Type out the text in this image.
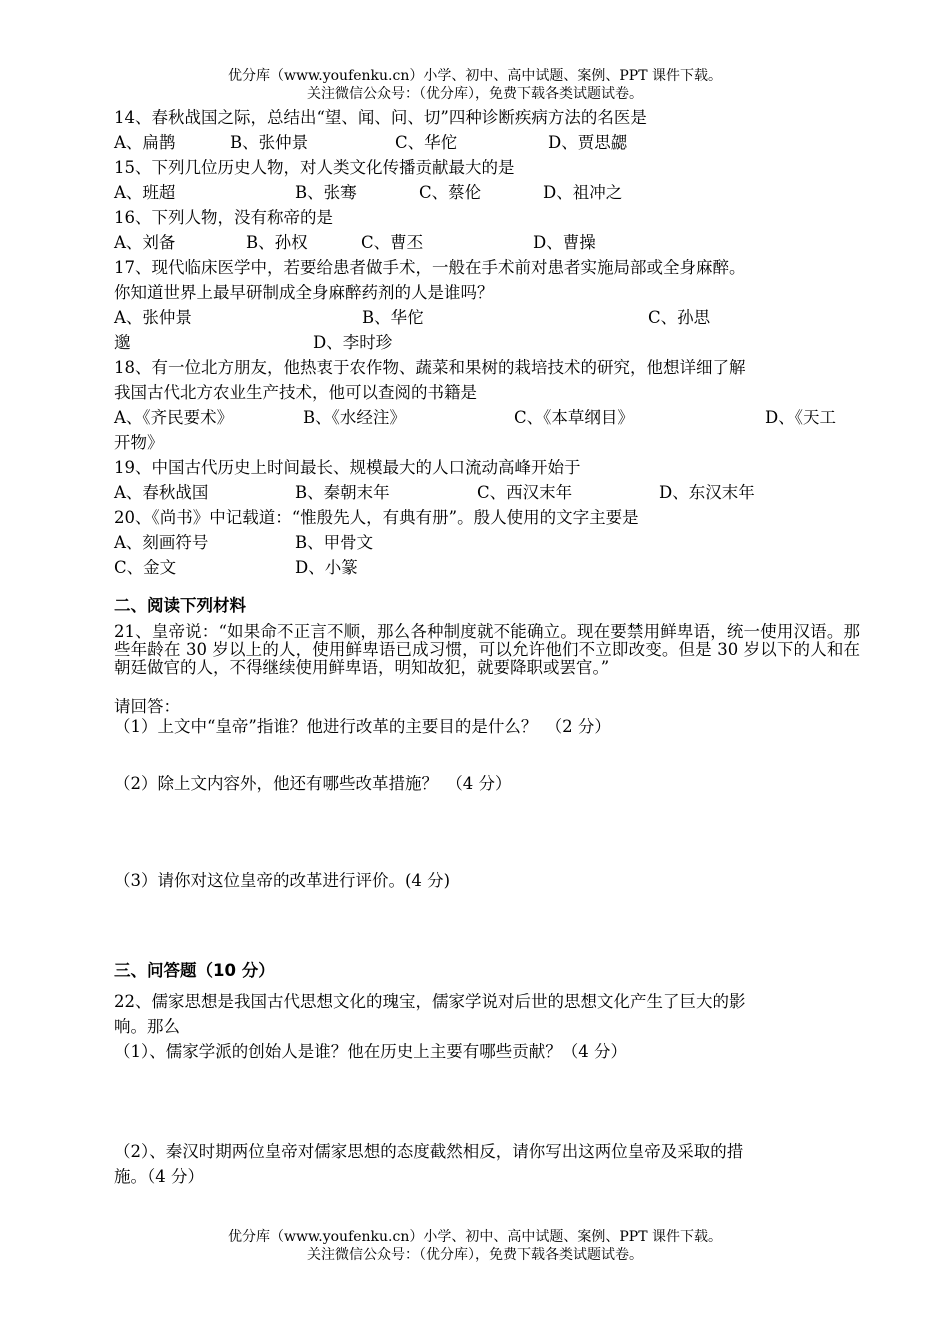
优分库（www.youfenku.cn）小学、初中、高中试题、案例、PPT 课件下载。
关注微信公众号：（优分库），免费下载各类试题试卷。
14、春秋战国之际，总结出“望、闻、问、切”四种诊断疾病方法的名医是
A、扁鹊	B、张仲景	C、华佗	D、贾思勰
15、下列几位历史人物，对人类文化传播贡献最大的是
A、班超	B、张骞	C、蔡伦	D、祖冲之
16、下列人物，没有称帝的是
A、刘备	B、孙权	C、曹丕	D、曹操
17、现代临床医学中，若要给患者做手术，一般在手术前对患者实施局部或全身麻醉。
你知道世界上最早研制成全身麻醉药剂的人是谁吗？
A、张仲景	B、华佗	C、孙思
邈	D、李时珍
18、有一位北方朋友，他热衷于农作物、蔬菜和果树的栽培技术的研究，他想详细了解
我国古代北方农业生产技术，他可以查阅的书籍是
A、《齐民要术》	B、《水经注》	C、《本草纲目》	D、《天工
开物》
19、中国古代历史上时间最长、规模最大的人口流动高峰开始于
A、春秋战国	B、秦朝末年	C、西汉末年	D、东汉末年
20、《尚书》中记载道：“惟殷先人，有典有册”。殷人使用的文字主要是
A、刻画符号	B、甲骨文
C、金文	D、小篆
二、阅读下列材料
21、皇帝说：“如果命不正言不顺，那么各种制度就不能确立。现在要禁用鲜卑语，统一使用汉语。那些年龄在 30 岁以上的人，使用鲜卑语已成习惯，可以允许他们不立即改变。但是 30 岁以下的人和在朝廷做官的人，不得继续使用鲜卑语，明知故犯，就要降职或罢官。”
请回答：
（1）上文中“皇帝”指谁？他进行改革的主要目的是什么？　（2 分）
（2）除上文内容外，他还有哪些改革措施？　（4 分）
（3）请你对这位皇帝的改革进行评价。(4 分)
三、问答题（10 分）
22、儒家思想是我国古代思想文化的瑰宝，儒家学说对后世的思想文化产生了巨大的影
响。那么
（1）、儒家学派的创始人是谁？他在历史上主要有哪些贡献？（4 分）
（2）、秦汉时期两位皇帝对儒家思想的态度截然相反，请你写出这两位皇帝及采取的措
施。（4 分）
优分库（www.youfenku.cn）小学、初中、高中试题、案例、PPT 课件下载。
关注微信公众号：（优分库），免费下载各类试题试卷。
